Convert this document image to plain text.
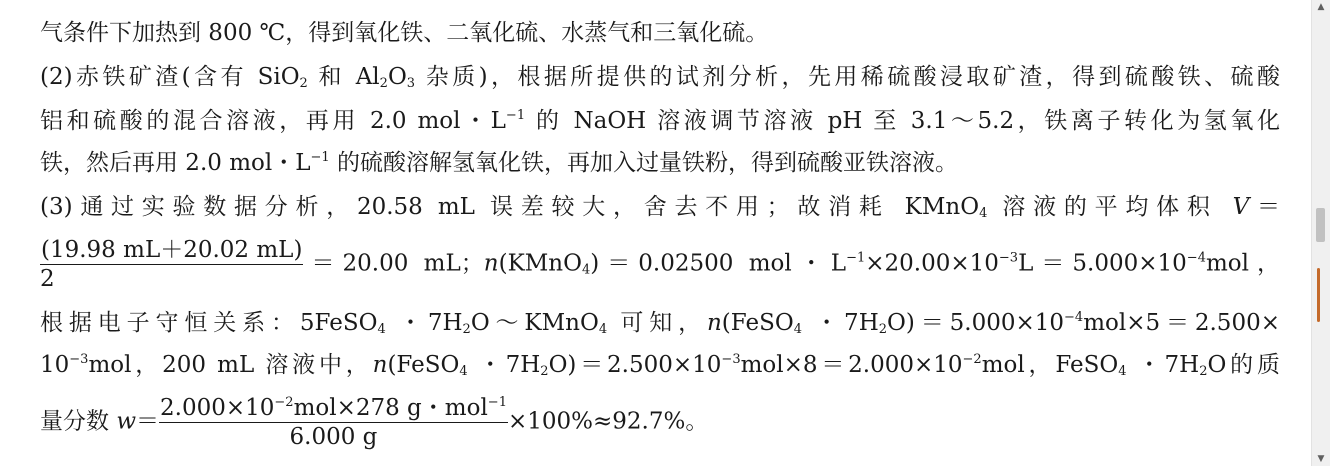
气条件下加热到 800 ℃，得到氧化铁、二氧化硫、水蒸气和三氧化硫。
(2)赤铁矿渣(含有 SiO$_2$ 和 $Al_2O_3$ 杂质)，根据所提供的试剂分析，先用稀硫酸浸取矿渣，得到硫酸铁、硫酸
铝和硫酸的混合溶液，再用 2.0 mol・$L^{-1}$ 的 NaOH 溶液调节溶液 pH 至 3.1～5.2，铁离子转化为氢氧化
铁，然后再用 2.0 mol・$L^{-1}$ 的硫酸溶解氢氧化铁，再加入过量铁粉，得到硫酸亚铁溶液。
(3)通过实验数据分析，20.58 mL 误差较大，舍去不用；故消耗 KMnO$_4$ 溶液的平均体积 V＝
$\frac{(19.98 mL+20.02 mL)}{2} =20.00$ mL；n(KMnO$_4$)＝0.02500 mol・$L^{-1}\times 20.00\times 10^{-3}L=5.000\times 10^{-4}mol$，
根据电子守恒关系：5FeSO$_4$ ・$7H_2O\sim KMnO_4$ 可知，n(FeSO$_4$ ・$7H_2O)=5.000\times 10^{-4}mol\times 5=2.500\times$
$10^{-3}mol$，200 mL 溶液中，n(FeSO$_4$ ・$7H_2O)=2.500\times 10^{-3}mol\times 8=2.000\times 10^{-2}mol$，FeSO$_4$ ・$7H_2O$的质
量分数 $w= \frac{2.000\times 10^{-2}mol\times 278 g・mol^{-1}}{6.000 g} \times 100\%\approx 92.7\%$。
▲
▼
